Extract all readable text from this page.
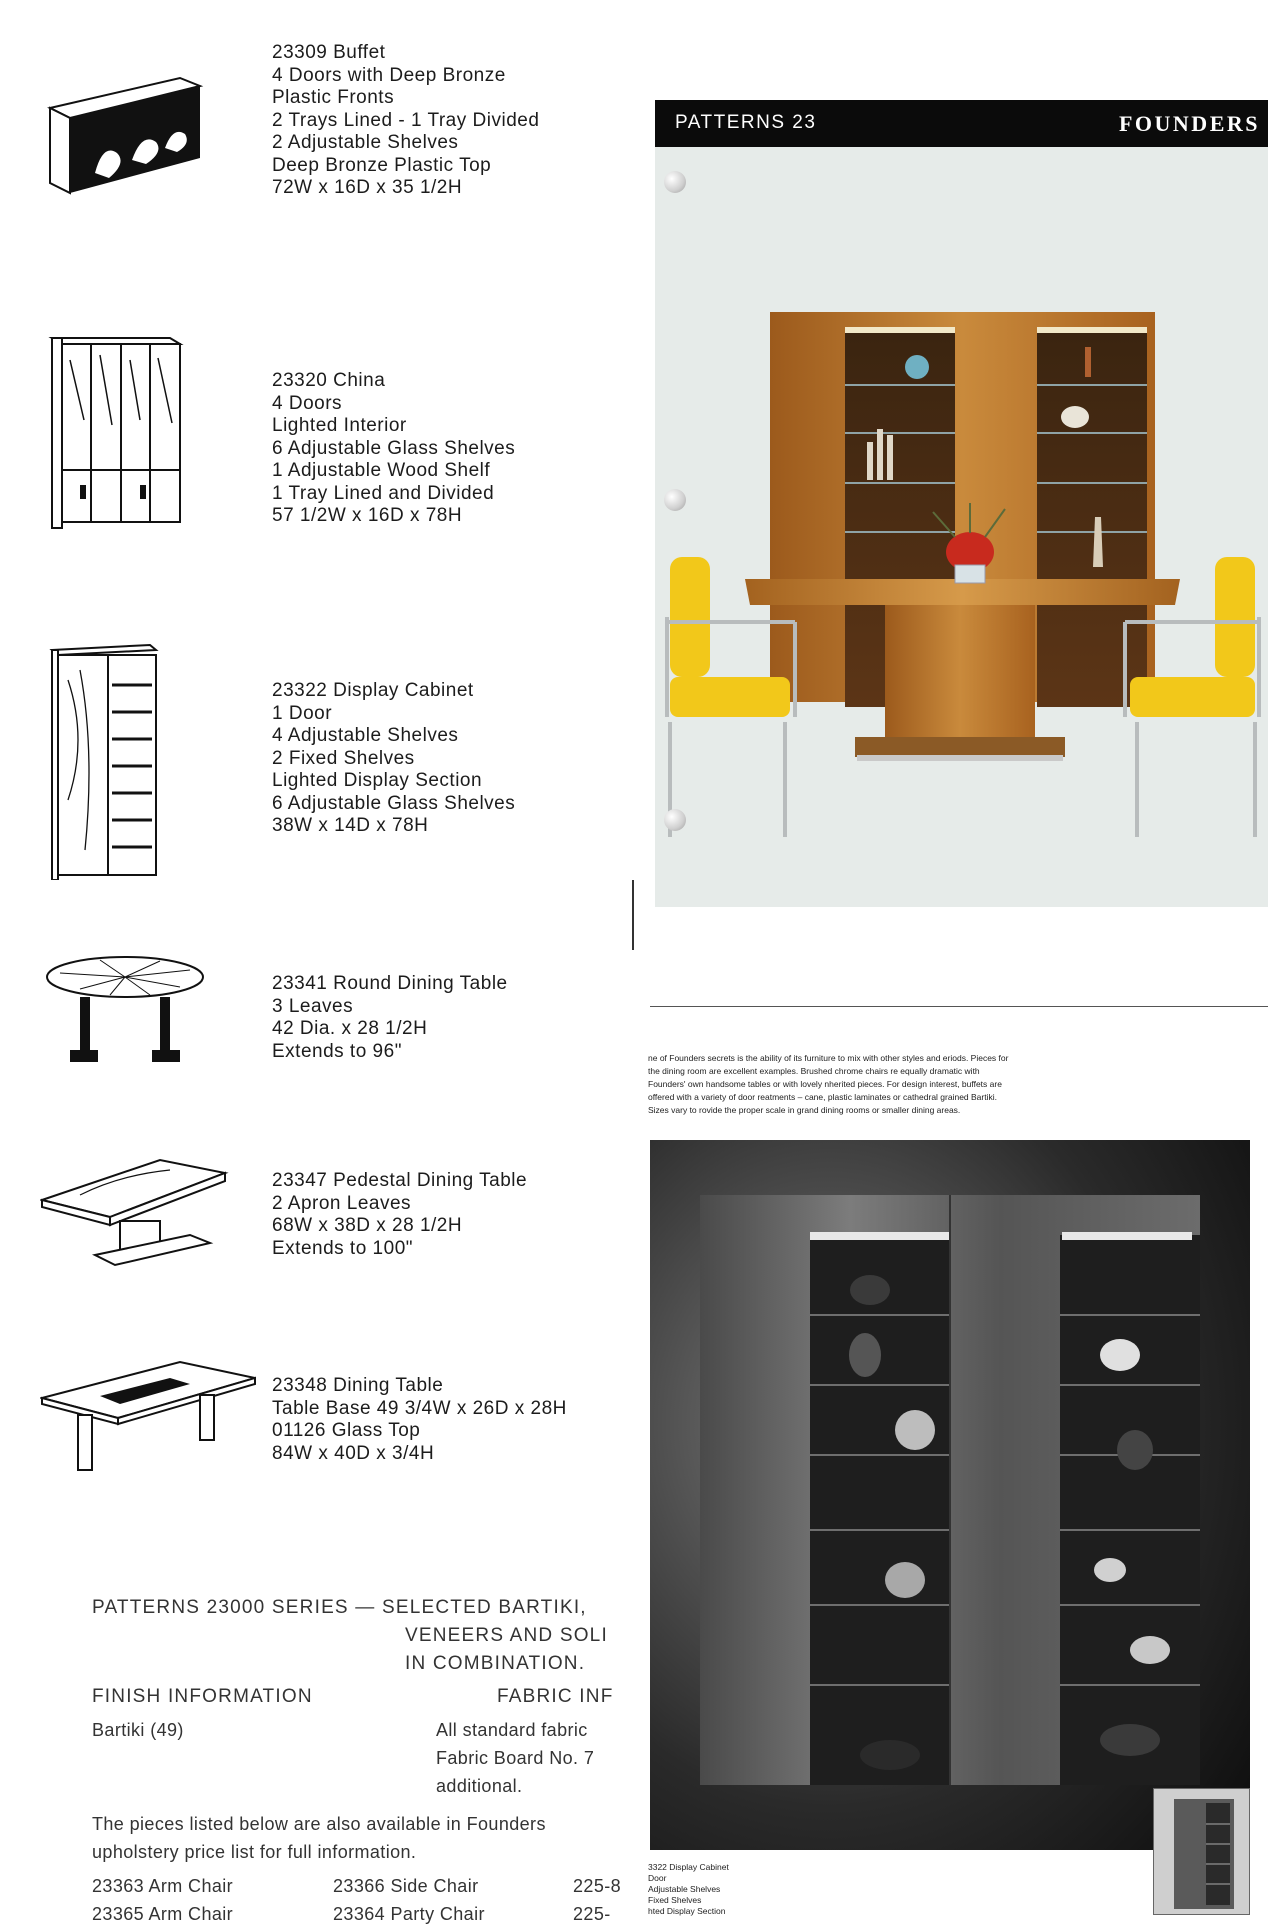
23309 Buffet
4 Doors with Deep Bronze
Plastic Fronts
2 Trays Lined - 1 Tray Divided
2 Adjustable Shelves
Deep Bronze Plastic Top
72W x 16D x 35 1/2H
23320 China
4 Doors
Lighted Interior
6 Adjustable Glass Shelves
1 Adjustable Wood Shelf
1 Tray Lined and Divided
57 1/2W x 16D x 78H
23322 Display Cabinet
1 Door
4 Adjustable Shelves
2 Fixed Shelves
Lighted Display Section
6 Adjustable Glass Shelves
38W x 14D x 78H
23341 Round Dining Table
3 Leaves
42 Dia. x 28 1/2H
Extends to 96"
23347 Pedestal Dining Table
2 Apron Leaves
68W x 38D x 28 1/2H
Extends to 100"
23348 Dining Table
Table Base 49 3/4W x 26D x 28H
01126 Glass Top
84W x 40D x 3/4H
PATTERNS 23000 SERIES — SELECTED BARTIKI,
VENEERS AND SOLI
IN COMBINATION.
FINISH INFORMATION	FABRIC INF
Bartiki (49)	All standard fabric
Fabric Board No. 7
additional.
The pieces listed below are also available in Founders
upholstery price list for full information.
23363 Arm Chair	23366 Side Chair	225-8
23365 Arm Chair	23364 Party Chair	225-
PATTERNS 23	FOUNDERS
ne of Founders secrets is the ability of its furniture to mix with other styles and eriods. Pieces for the dining room are excellent examples. Brushed chrome chairs re equally dramatic with Founders' own handsome tables or with lovely nherited pieces. For design interest, buffets are offered with a variety of door reatments – cane, plastic laminates or cathedral grained Bartiki. Sizes vary to rovide the proper scale in grand dining rooms or smaller dining areas.
3322 Display Cabinet
Door
Adjustable Shelves
Fixed Shelves
hted Display Section
